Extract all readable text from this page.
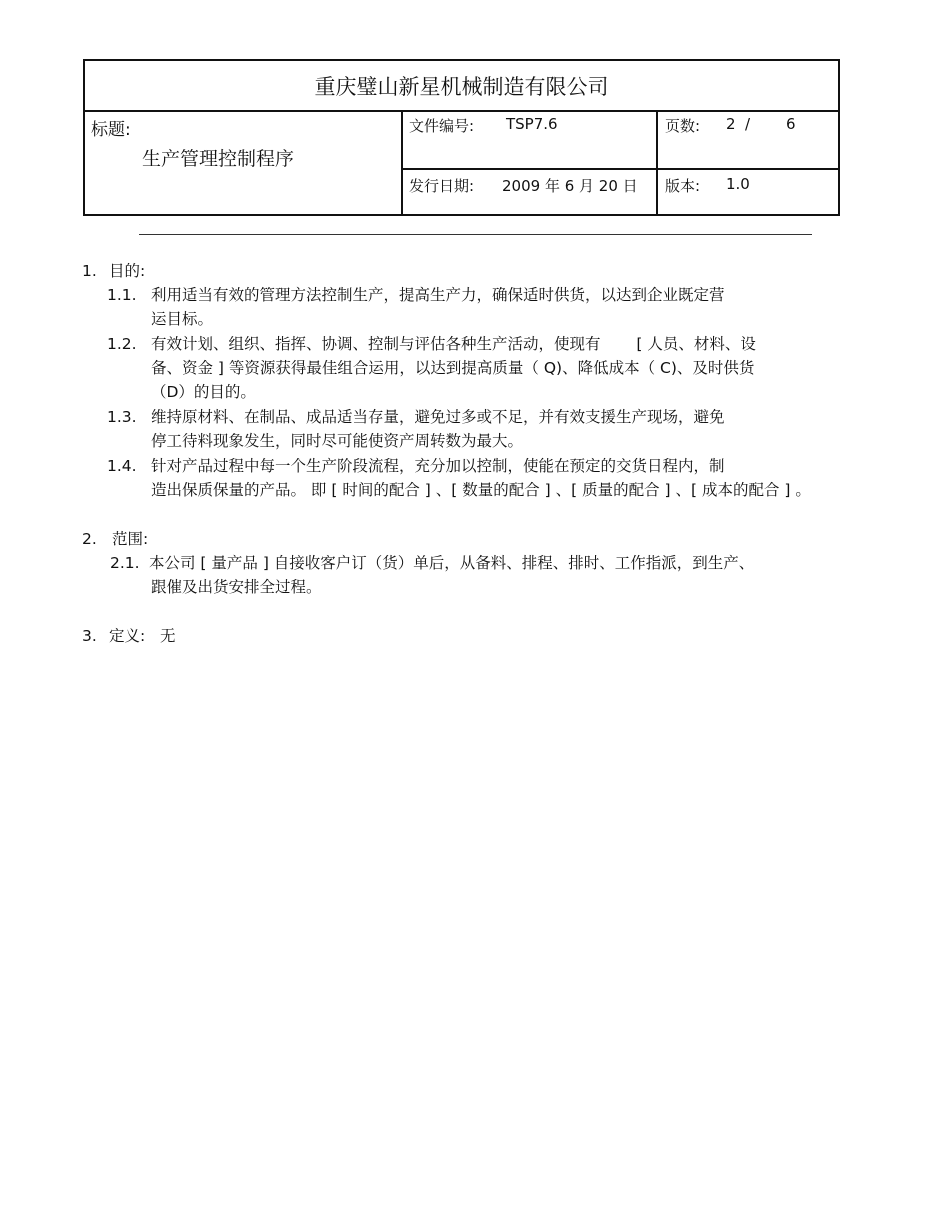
重庆璧山新星机械制造有限公司
标题:
生产管理控制程序
文件编号: TSP7.6	页数: 2 / 6
发行日期: 2009 年 6 月 20 日 版本: 1.0
1. 目的:
1.1. 利用适当有效的管理方法控制生产，提高生产力，确保适时供货，以达到企业既定营
运目标。
1.2. 有效计划、组织、指挥、协调、控制与评估各种生产活动，使现有　　 [ 人员、材料、设
备、资金 ] 等资源获得最佳组合运用，以达到提高质量（ Q)、降低成本（ C)、及时供货
（D）的目的。
1.3. 维持原材料、在制品、成品适当存量，避免过多或不足，并有效支援生产现场，避免
停工待料现象发生，同时尽可能使资产周转数为最大。
1.4. 针对产品过程中每一个生产阶段流程，充分加以控制，使能在预定的交货日程内，制
造出保质保量的产品。 即 [ 时间的配合 ] 、[ 数量的配合 ] 、[ 质量的配合 ] 、[ 成本的配合 ] 。
2. 范围:
2.1. 本公司 [ 量产品 ] 自接收客户订（货）单后，从备料、排程、排时、工作指派，到生产、
跟催及出货安排全过程。
3. 定义: 无
